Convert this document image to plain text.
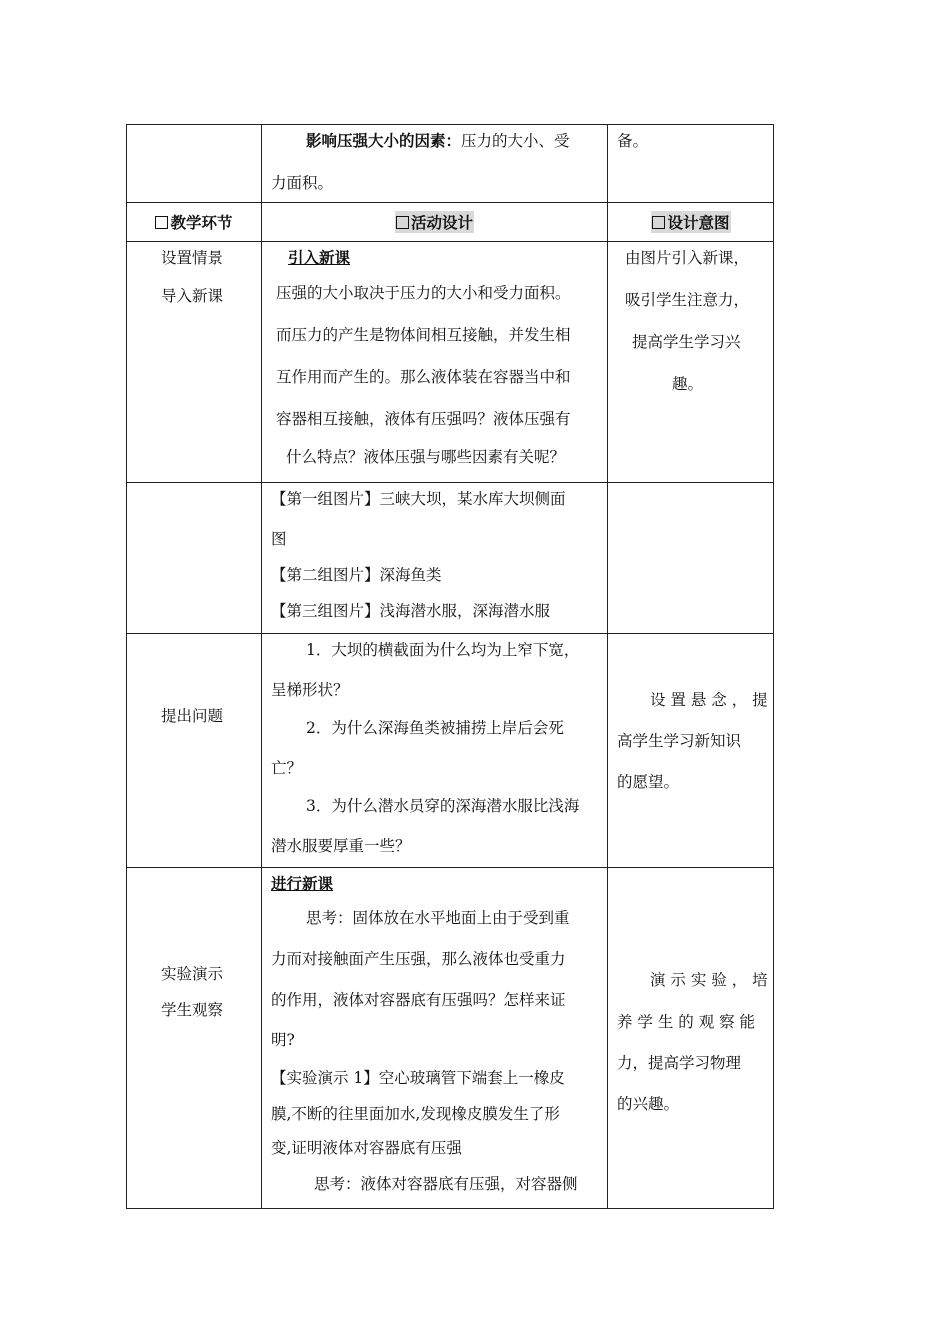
影响压强大小的因素：压力的大小、受

力面积。

备。

教学环节	活动设计	设计意图

设置情景

导入新课

引入新课

压强的大小取决于压力的大小和受力面积。

而压力的产生是物体间相互接触，并发生相

互作用而产生的。那么液体装在容器当中和

容器相互接触，液体有压强吗？液体压强有

什么特点？液体压强与哪些因素有关呢？

由图片引入新课，

吸引学生注意力，

提高学生学习兴

趣。

【第一组图片】三峡大坝，某水库大坝侧面

图

【第二组图片】深海鱼类

【第三组图片】浅海潜水服，深海潜水服

提出问题

1．大坝的横截面为什么均为上窄下宽，

呈梯形状？

2．为什么深海鱼类被捕捞上岸后会死

亡？

3．为什么潜水员穿的深海潜水服比浅海

潜水服要厚重一些？

设 置 悬 念 ， 提

高学生学习新知识

的愿望。

实验演示

学生观察

进行新课

思考：固体放在水平地面上由于受到重

力而对接触面产生压强，那么液体也受重力

的作用，液体对容器底有压强吗？怎样来证

明?

【实验演示 1】空心玻璃管下端套上一橡皮

膜,不断的往里面加水,发现橡皮膜发生了形

变,证明液体对容器底有压强

思考：液体对容器底有压强，对容器侧

演 示 实 验 ， 培

养 学 生 的 观 察 能

力，提高学习物理

的兴趣。
